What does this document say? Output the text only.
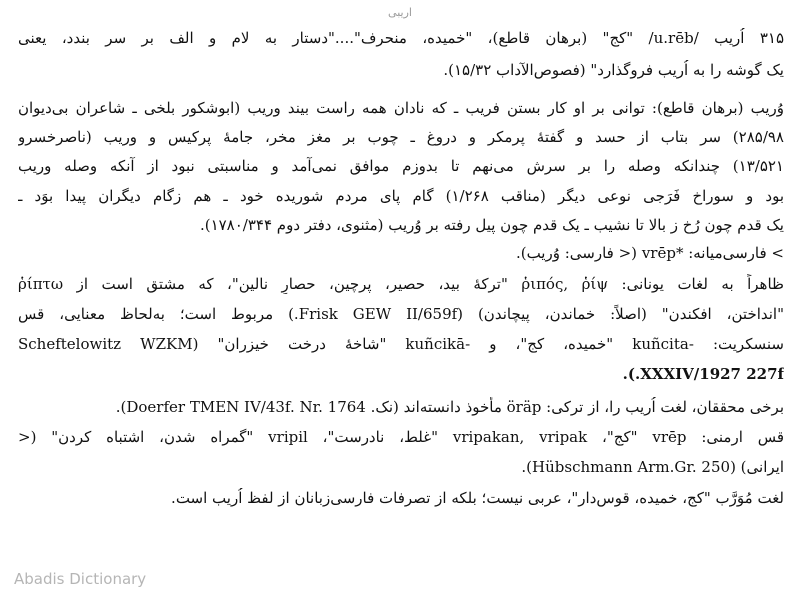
اریبی
۳۱۵ اُریب /u.rēb/ "کج" (برهان قاطع)، "خمیده، منحرف"...."دستار به لام و الف بر سر بندد، یعنی
یک گوشه را به اُریب فروگذارد" (فصوص‌الآداب ۱۵/۳۲).
وُریب (برهان قاطع): توانی بر او کار بستن فریب ـ که نادان همه راست بیند وریب (ابوشکور بلخی ـ شاعران بی‌دیوان
۲۸۵/۹۸) سر بتاب از حسد و گفتهٔ پرمکر و دروغ ـ چوب بر مغز مخر، جامهٔ پرکیس و وریب (ناصرخسرو
۱۳/۵۲۱) چندانکه وصله را بر سرش می‌نهم تا بدوزم موافق نمی‌آمد و مناسبتی نبود از آنکه وصله وریب
بود و سوراخ فَرَجی نوعی دیگر (مناقب ۱/۲۶۸) گام پای مردم شوریده خود ـ هم زگام دیگران پیدا بوَد ـ
یک قدم چون رُخ ز بالا تا نشیب ـ یک قدم چون پیل رفته بر وُریب (مثنوی، دفتر دوم ۱۷۸۰/۳۴۴).
> فارسی‌میانه: *vrēp (< فارسی: وُریب).
ظاهراً به لغات یونانی: ῥιπός, ῥίψ "ترکهٔ بید، حصیر، پرچین، حصارِ نالین"، که مشتق است از ῥίπτω
"انداختن، افکندن" (اصلاً: خماندن، پیچاندن) (Frisk GEW II/659f.) مربوط است؛ به‌لحاظ معنایی، قس
سنسکریت: -kuñcita "خمیده، کج"، و -kuñcikā "شاخهٔ درخت خیزران" (Scheftelowitz WZKM
XXXIV/1927 227f.).
برخی محققان، لغت اُریب را، از ترکی: öräp مأخوذ دانسته‌اند (نک. Doerfer TMEN IV/43f. Nr. 1764).
قس ارمنی: vrēp "کج"، vripakan, vripak "غلط، نادرست"، vripil "گمراه شدن، اشتباه کردن" (<
ایرانی) (Hübschmann Arm.Gr. 250).
لغت مُوَرَّب "کج، خمیده، قوس‌دار"، عربی نیست؛ بلکه از تصرفات فارسی‌زبانان از لفظ اُریب است.
Abadis Dictionary
